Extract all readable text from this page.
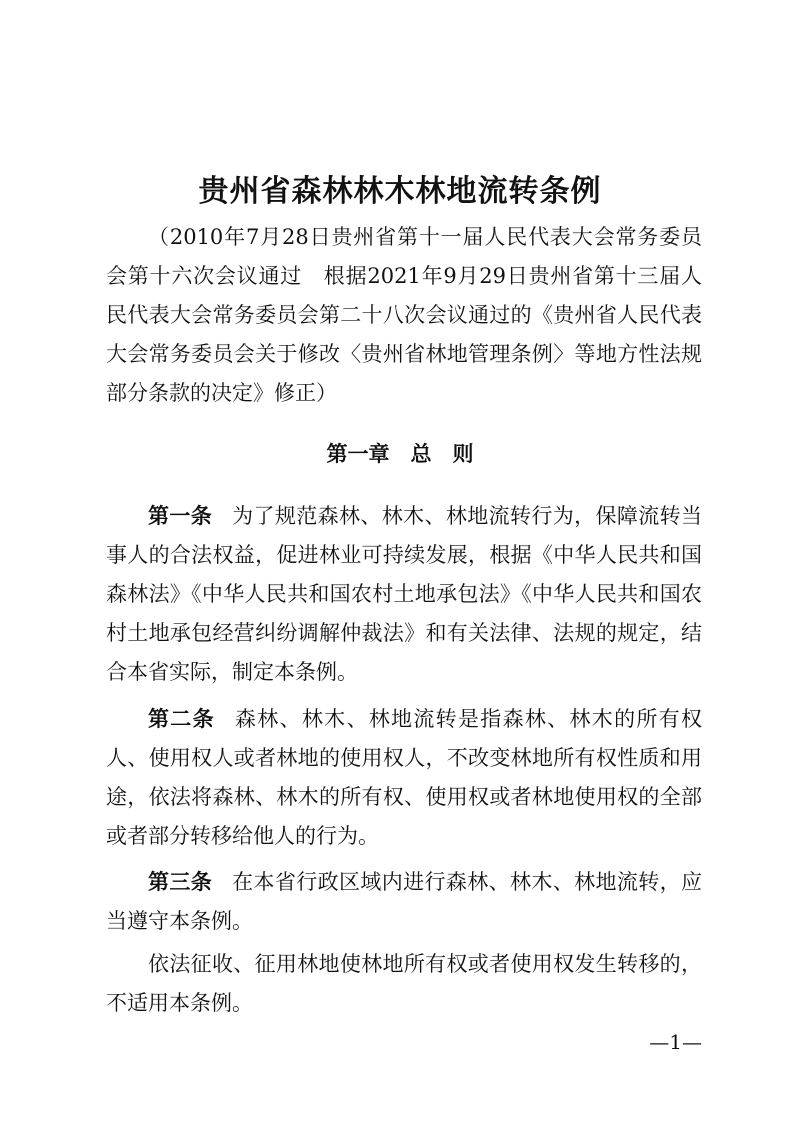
贵州省森林林木林地流转条例

（2010年7月28日贵州省第十一届人民代表大会常务委员会第十六次会议通过　根据2021年9月29日贵州省第十三届人民代表大会常务委员会第二十八次会议通过的《贵州省人民代表大会常务委员会关于修改〈贵州省林地管理条例〉等地方性法规部分条款的决定》修正）

第一章　总　则

第一条 为了规范森林、林木、林地流转行为，保障流转当事人的合法权益，促进林业可持续发展，根据《中华人民共和国森林法》《中华人民共和国农村土地承包法》《中华人民共和国农村土地承包经营纠纷调解仲裁法》和有关法律、法规的规定，结合本省实际，制定本条例。

第二条 森林、林木、林地流转是指森林、林木的所有权人、使用权人或者林地的使用权人，不改变林地所有权性质和用途，依法将森林、林木的所有权、使用权或者林地使用权的全部或者部分转移给他人的行为。

第三条 在本省行政区域内进行森林、林木、林地流转，应当遵守本条例。

依法征收、征用林地使林地所有权或者使用权发生转移的，不适用本条例。

—1—
